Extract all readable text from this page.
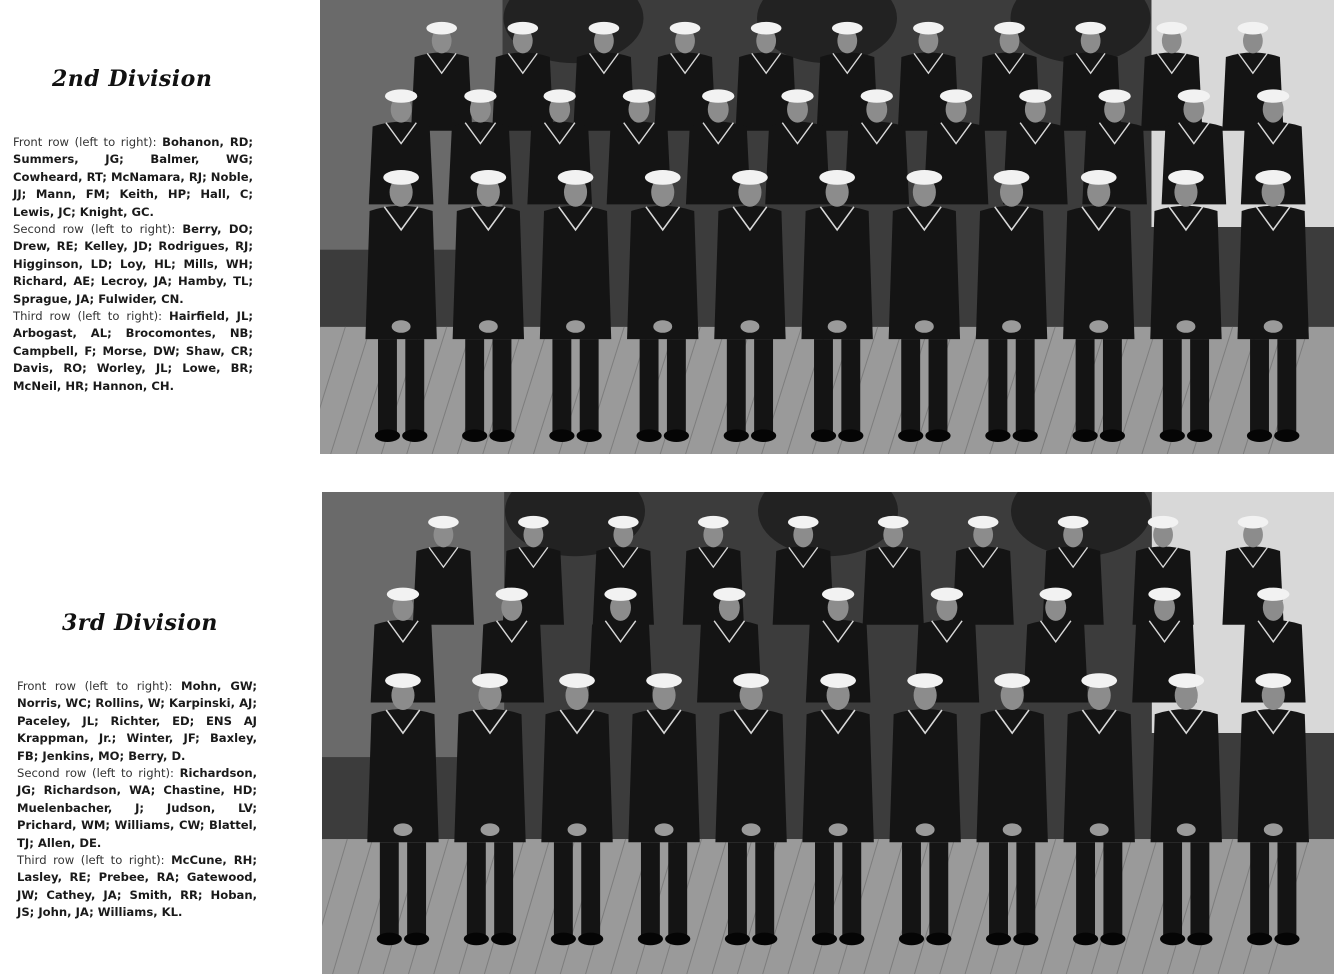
2nd Division
Front row (left to right): Bohanon, RD; Summers, JG; Balmer, WG; Cowheard, RT; McNamara, RJ; Noble, JJ; Mann, FM; Keith, HP; Hall, C; Lewis, JC; Knight, GC.
Second row (left to right): Berry, DO; Drew, RE; Kelley, JD; Rodrigues, RJ; Higginson, LD; Loy, HL; Mills, WH; Richard, AE; Lecroy, JA; Hamby, TL; Sprague, JA; Fulwider, CN.
Third row (left to right): Hairfield, JL; Arbogast, AL; Brocomontes, NB; Campbell, F; Morse, DW; Shaw, CR; Davis, RO; Worley, JL; Lowe, BR; McNeil, HR; Hannon, CH.
3rd Division
Front row (left to right): Mohn, GW; Norris, WC; Rollins, W; Karpinski, AJ; Paceley, JL; Richter, ED; ENS AJ Krappman, Jr.; Winter, JF; Baxley, FB; Jenkins, MO; Berry, D.
Second row (left to right): Richardson, JG; Richardson, WA; Chastine, HD; Muelenbacher, J; Judson, LV; Prichard, WM; Williams, CW; Blattel, TJ; Allen, DE.
Third row (left to right): McCune, RH; Lasley, RE; Prebee, RA; Gatewood, JW; Cathey, JA; Smith, RR; Hoban, JS; John, JA; Williams, KL.
